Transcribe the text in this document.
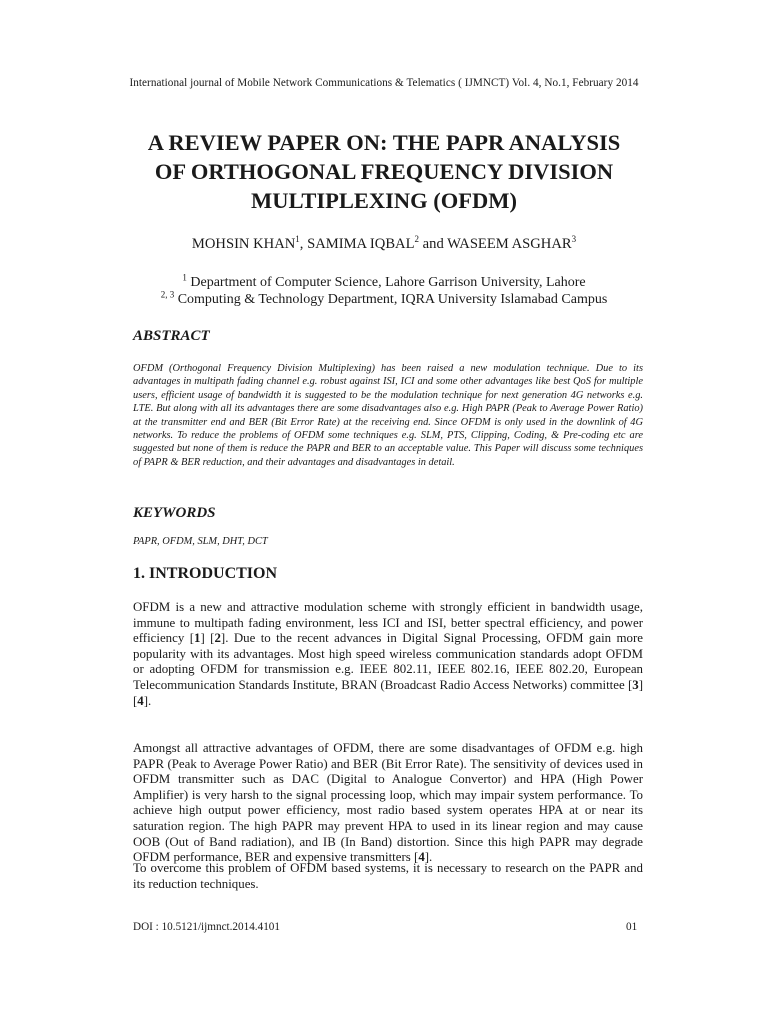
International journal of Mobile Network Communications & Telematics ( IJMNCT) Vol. 4, No.1, February 2014
A REVIEW PAPER ON: THE PAPR ANALYSIS
OF ORTHOGONAL FREQUENCY DIVISION
MULTIPLEXING (OFDM)
MOHSIN KHAN$^1$, SAMIMA IQBAL$^2$ and WASEEM ASGHAR$^3$
$^1$ Department of Computer Science, Lahore Garrison University, Lahore
$^{2, 3}$ Computing & Technology Department, IQRA University Islamabad Campus
ABSTRACT

OFDM (Orthogonal Frequency Division Multiplexing) has been raised a new modulation technique. Due to its advantages in multipath fading channel e.g. robust against ISI, ICI and some other advantages like best QoS for multiple users, efficient usage of bandwidth it is suggested to be the modulation technique for next generation 4G networks e.g. LTE. But along with all its advantages there are some disadvantages also e.g. High PAPR (Peak to Average Power Ratio) at the transmitter end and BER (Bit Error Rate) at the receiving end. Since OFDM is only used in the downlink of 4G networks. To reduce the problems of OFDM some techniques e.g. SLM, PTS, Clipping, Coding, & Pre-coding etc are suggested but none of them is reduce the PAPR and BER to an acceptable value. This Paper will discuss some techniques of PAPR & BER reduction, and their advantages and disadvantages in detail.

KEYWORDS
PAPR, OFDM, SLM, DHT, DCT
1. INTRODUCTION

OFDM is a new and attractive modulation scheme with strongly efficient in bandwidth usage, immune to multipath fading environment, less ICI and ISI, better spectral efficiency, and power efficiency [1] [2]. Due to the recent advances in Digital Signal Processing, OFDM gain more popularity with its advantages. Most high speed wireless communication standards adopt OFDM or adopting OFDM for transmission e.g. IEEE 802.11, IEEE 802.16, IEEE 802.20, European Telecommunication Standards Institute, BRAN (Broadcast Radio Access Networks) committee [3] [4].

Amongst all attractive advantages of OFDM, there are some disadvantages of OFDM e.g. high PAPR (Peak to Average Power Ratio) and BER (Bit Error Rate). The sensitivity of devices used in OFDM transmitter such as DAC (Digital to Analogue Convertor) and HPA (High Power Amplifier) is very harsh to the signal processing loop, which may impair system performance. To achieve high output power efficiency, most radio based system operates HPA at or near its saturation region. The high PAPR may prevent HPA to used in its linear region and may cause OOB (Out of Band radiation), and IB (In Band) distortion. Since this high PAPR may degrade OFDM performance, BER and expensive transmitters [4].

To overcome this problem of OFDM based systems, it is necessary to research on the PAPR and its reduction techniques.

DOI : 10.5121/ijmnct.2014.4101	01
